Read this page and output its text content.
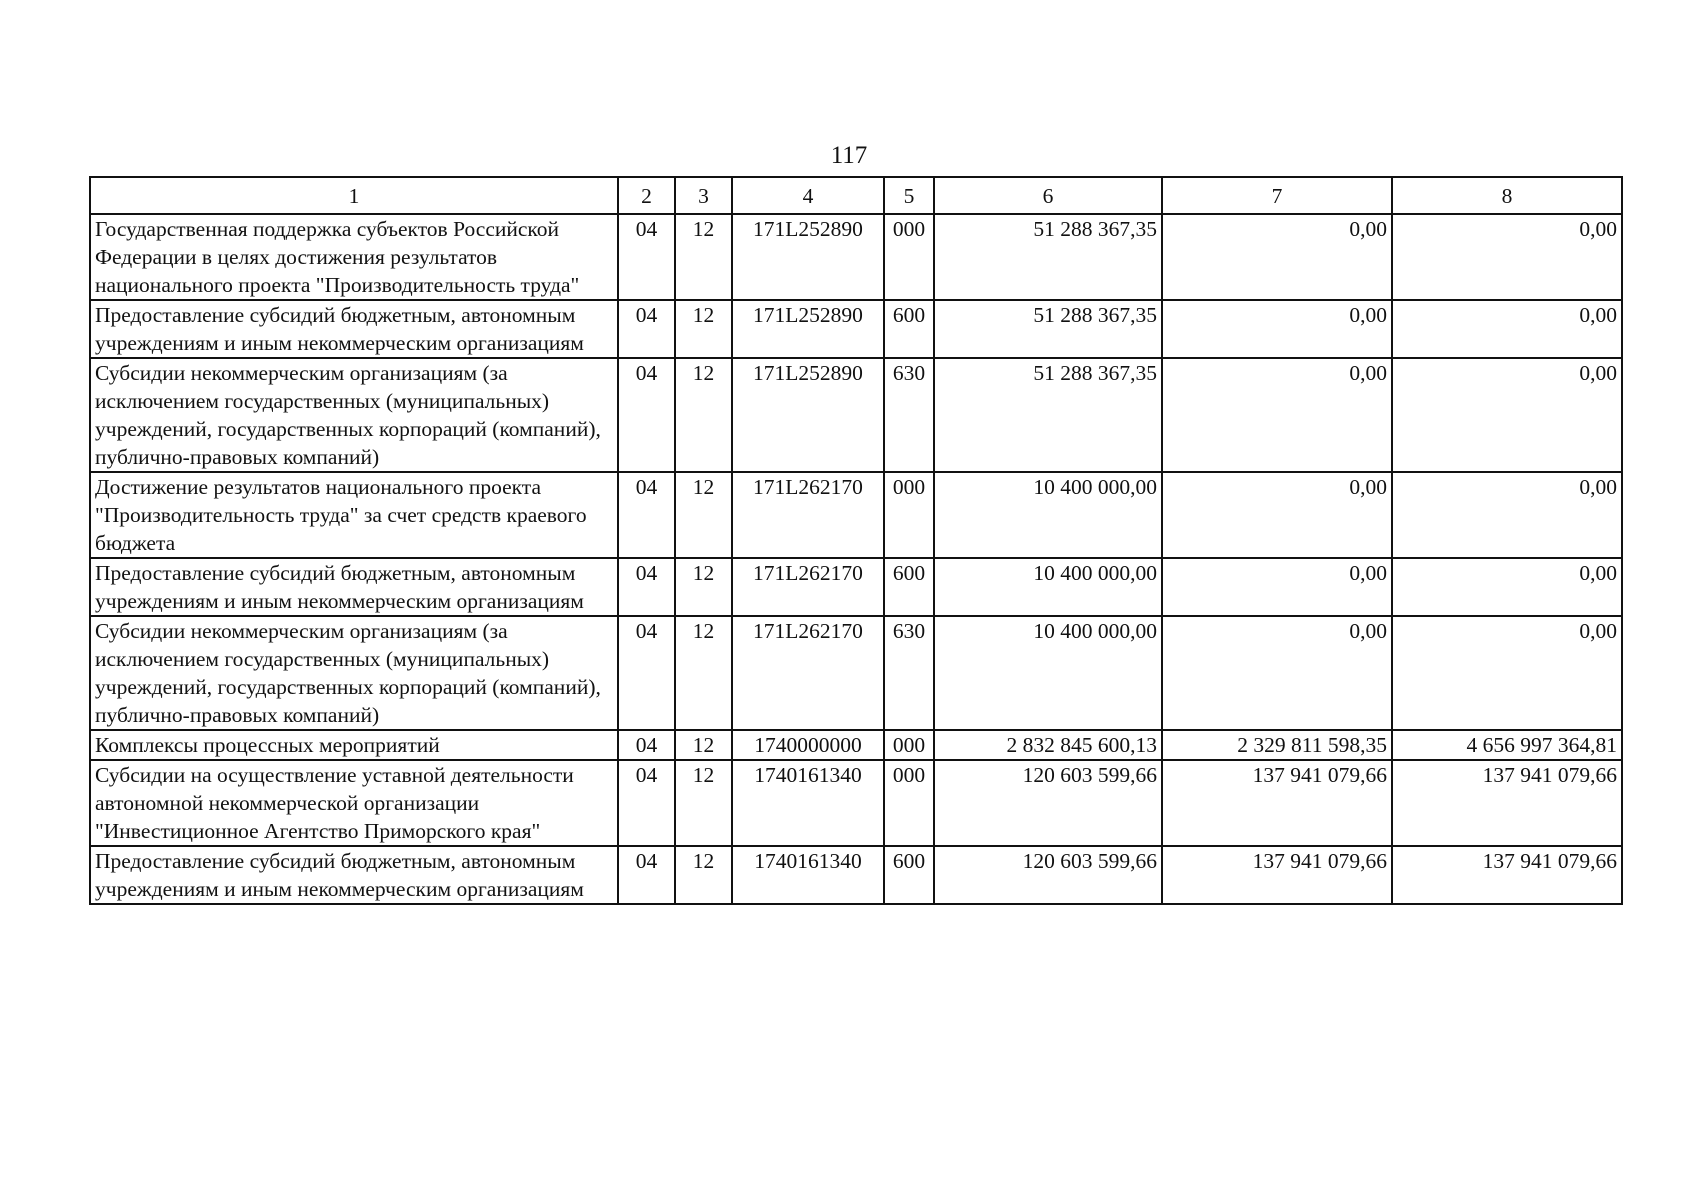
117
1	2	3	4	5	6	7	8
Государственная поддержка субъектов Российской Федерации в целях достижения результатов национального проекта "Производительность труда"	04	12	171L252890	000	51 288 367,35	0,00	0,00
Предоставление субсидий бюджетным, автономным учреждениям и иным некоммерческим организациям	04	12	171L252890	600	51 288 367,35	0,00	0,00
Субсидии некоммерческим организациям (за исключением государственных (муниципальных) учреждений, государственных корпораций (компаний), публично-правовых компаний)	04	12	171L252890	630	51 288 367,35	0,00	0,00
Достижение результатов национального проекта "Производительность труда" за счет средств краевого бюджета	04	12	171L262170	000	10 400 000,00	0,00	0,00
Предоставление субсидий бюджетным, автономным учреждениям и иным некоммерческим организациям	04	12	171L262170	600	10 400 000,00	0,00	0,00
Субсидии некоммерческим организациям (за исключением государственных (муниципальных) учреждений, государственных корпораций (компаний), публично-правовых компаний)	04	12	171L262170	630	10 400 000,00	0,00	0,00
Комплексы процессных мероприятий	04	12	1740000000	000	2 832 845 600,13	2 329 811 598,35	4 656 997 364,81
Субсидии на осуществление уставной деятельности автономной некоммерческой организации "Инвестиционное Агентство Приморского края"	04	12	1740161340	000	120 603 599,66	137 941 079,66	137 941 079,66
Предоставление субсидий бюджетным, автономным учреждениям и иным некоммерческим организациям	04	12	1740161340	600	120 603 599,66	137 941 079,66	137 941 079,66
